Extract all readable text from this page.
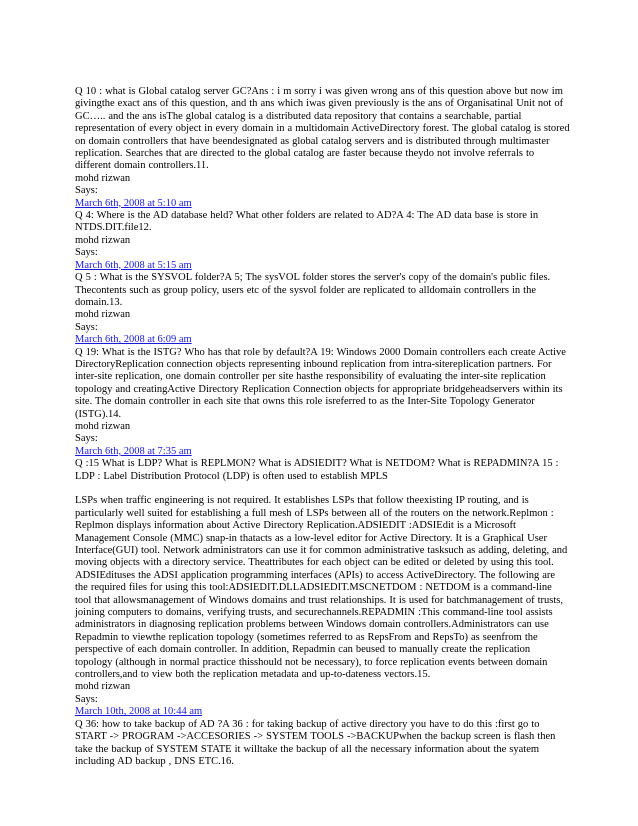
Q 10 : what is Global catalog server GC?Ans : i m sorry i was given wrong ans of this question above but now im givingthe exact ans of this question, and th ans which iwas given previously is the ans of Organisatinal Unit not of GC….. and the ans isThe global catalog is a distributed data repository that contains a searchable, partial representation of every object in every domain in a multidomain ActiveDirectory forest. The global catalog is stored on domain controllers that have beendesignated as global catalog servers and is distributed through multimaster replication. Searches that are directed to the global catalog are faster because theydo not involve referrals to different domain controllers.11.

mohd rizwan
Says:
March 6th, 2008 at 5:10 am

Q 4: Where is the AD database held? What other folders are related to AD?A 4: The AD data base is store in NTDS.DIT.file12.

mohd rizwan
Says:
March 6th, 2008 at 5:15 am

Q 5 : What is the SYSVOL folder?A 5; The sysVOL folder stores the server's copy of the domain's public files. Thecontents such as group policy, users etc of the sysvol folder are replicated to alldomain controllers in the domain.13.

mohd rizwan
Says:
March 6th, 2008 at 6:09 am

Q 19: What is the ISTG? Who has that role by default?A 19: Windows 2000 Domain controllers each create Active DirectoryReplication connection objects representing inbound replication from intra-sitereplication partners. For inter-site replication, one domain controller per site hasthe responsibility of evaluating the inter-site replication topology and creatingActive Directory Replication Connection objects for appropriate bridgeheadservers within its site. The domain controller in each site that owns this role isreferred to as the Inter-Site Topology Generator (ISTG).14.

mohd rizwan
Says:
March 6th, 2008 at 7:35 am

Q :15 What is LDP? What is REPLMON? What is ADSIEDIT? What is NETDOM? What is REPADMIN?A 15 : LDP : Label Distribution Protocol (LDP) is often used to establish MPLS

LSPs when traffic engineering is not required. It establishes LSPs that follow theexisting IP routing, and is particularly well suited for establishing a full mesh of LSPs between all of the routers on the network.Replmon : Replmon displays information about Active Directory Replication.ADSIEDIT :ADSIEdit is a Microsoft Management Console (MMC) snap-in thatacts as a low-level editor for Active Directory. It is a Graphical User Interface(GUI) tool. Network administrators can use it for common administrative tasksuch as adding, deleting, and moving objects with a directory service. Theattributes for each object can be edited or deleted by using this tool. ADSIEdituses the ADSI application programming interfaces (APIs) to access ActiveDirectory. The following are the required files for using this tool:ADSIEDIT.DLLADSIEDIT.MSCNETDOM : NETDOM is a command-line tool that allowsmanagement of Windows domains and trust relationships. It is used for batchmanagement of trusts, joining computers to domains, verifying trusts, and securechannels.REPADMIN :This command-line tool assists administrators in diagnosing replication problems between Windows domain controllers.Administrators can use Repadmin to viewthe replication topology (sometimes referred to as RepsFrom and RepsTo) as seenfrom the perspective of each domain controller. In addition, Repadmin can beused to manually create the replication topology (although in normal practice thisshould not be necessary), to force replication events between domain controllers,and to view both the replication metadata and up-to-dateness vectors.15.

mohd rizwan
Says:
March 10th, 2008 at 10:44 am

Q 36: how to take backup of AD ?A 36 : for taking backup of active directory you have to do this :first go to START -> PROGRAM ->ACCESORIES -> SYSTEM TOOLS ->BACKUPwhen the backup screen is flash then take the backup of SYSTEM STATE it willtake the backup of all the necessary information about the syatem including AD backup , DNS ETC.16.
